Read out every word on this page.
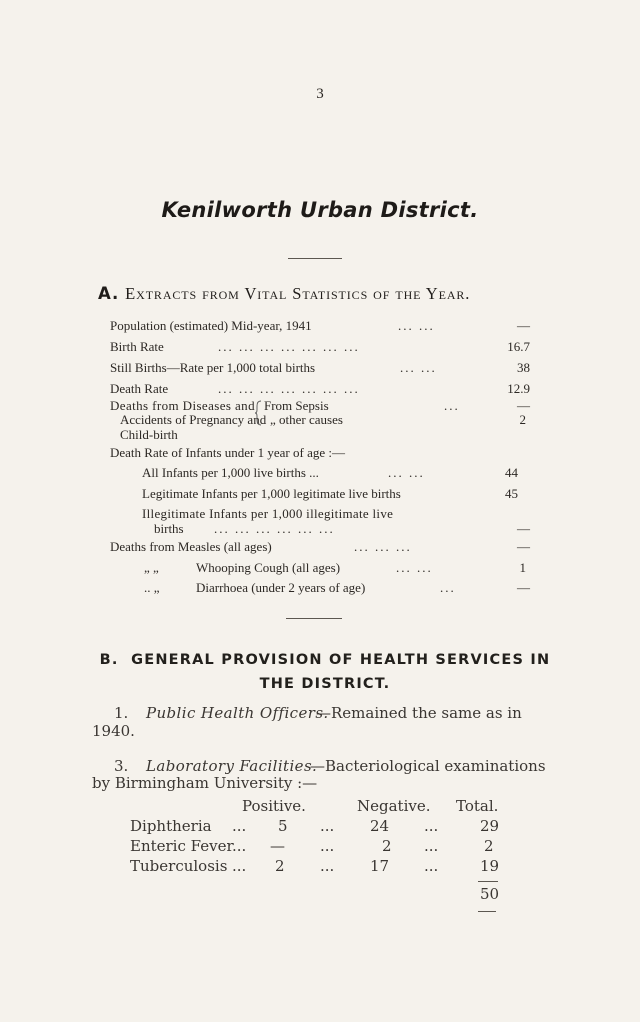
3
Kenilworth Urban District.
A. Extracts from Vital Statistics of the Year.
Population (estimated) Mid-year, 1941	... ...	—
Birth Rate	... ... ... ... ... ... ...	16.7
Still Births—Rate per 1,000 total births	... ...	38
Death Rate	... ... ... ... ... ... ...	12.9
Deaths from Diseases and
Accidents of Pregnancy and
Child-birth
From Sepsis	...	—
„ other causes	2
Death Rate of Infants under 1 year of age :—
All Infants per 1,000 live births ...	... ...	44
Legitimate Infants per 1,000 legitimate live births	45
Illegitimate Infants per 1,000 illegitimate live
births ... ... ... ... ... ...	—
Deaths from Measles (all ages)	... ... ...	—
„ „	Whooping Cough (all ages)	... ...	1
.. „	Diarrhoea (under 2 years of age)	...	—
B.  GENERAL PROVISION OF HEALTH SERVICES IN
THE DISTRICT.
1. Public Health Officers.
—Remained the same as in
1940.
3. Laboratory Facilities.
—Bacteriological examinations
by Birmingham University :—
Positive.	Negative. Total.
Diphtheria ... 5 ... 24 ...	29
Enteric Fever... — ...	2 ...	2
Tuberculosis ... 2 ... 17 ...	19
50
